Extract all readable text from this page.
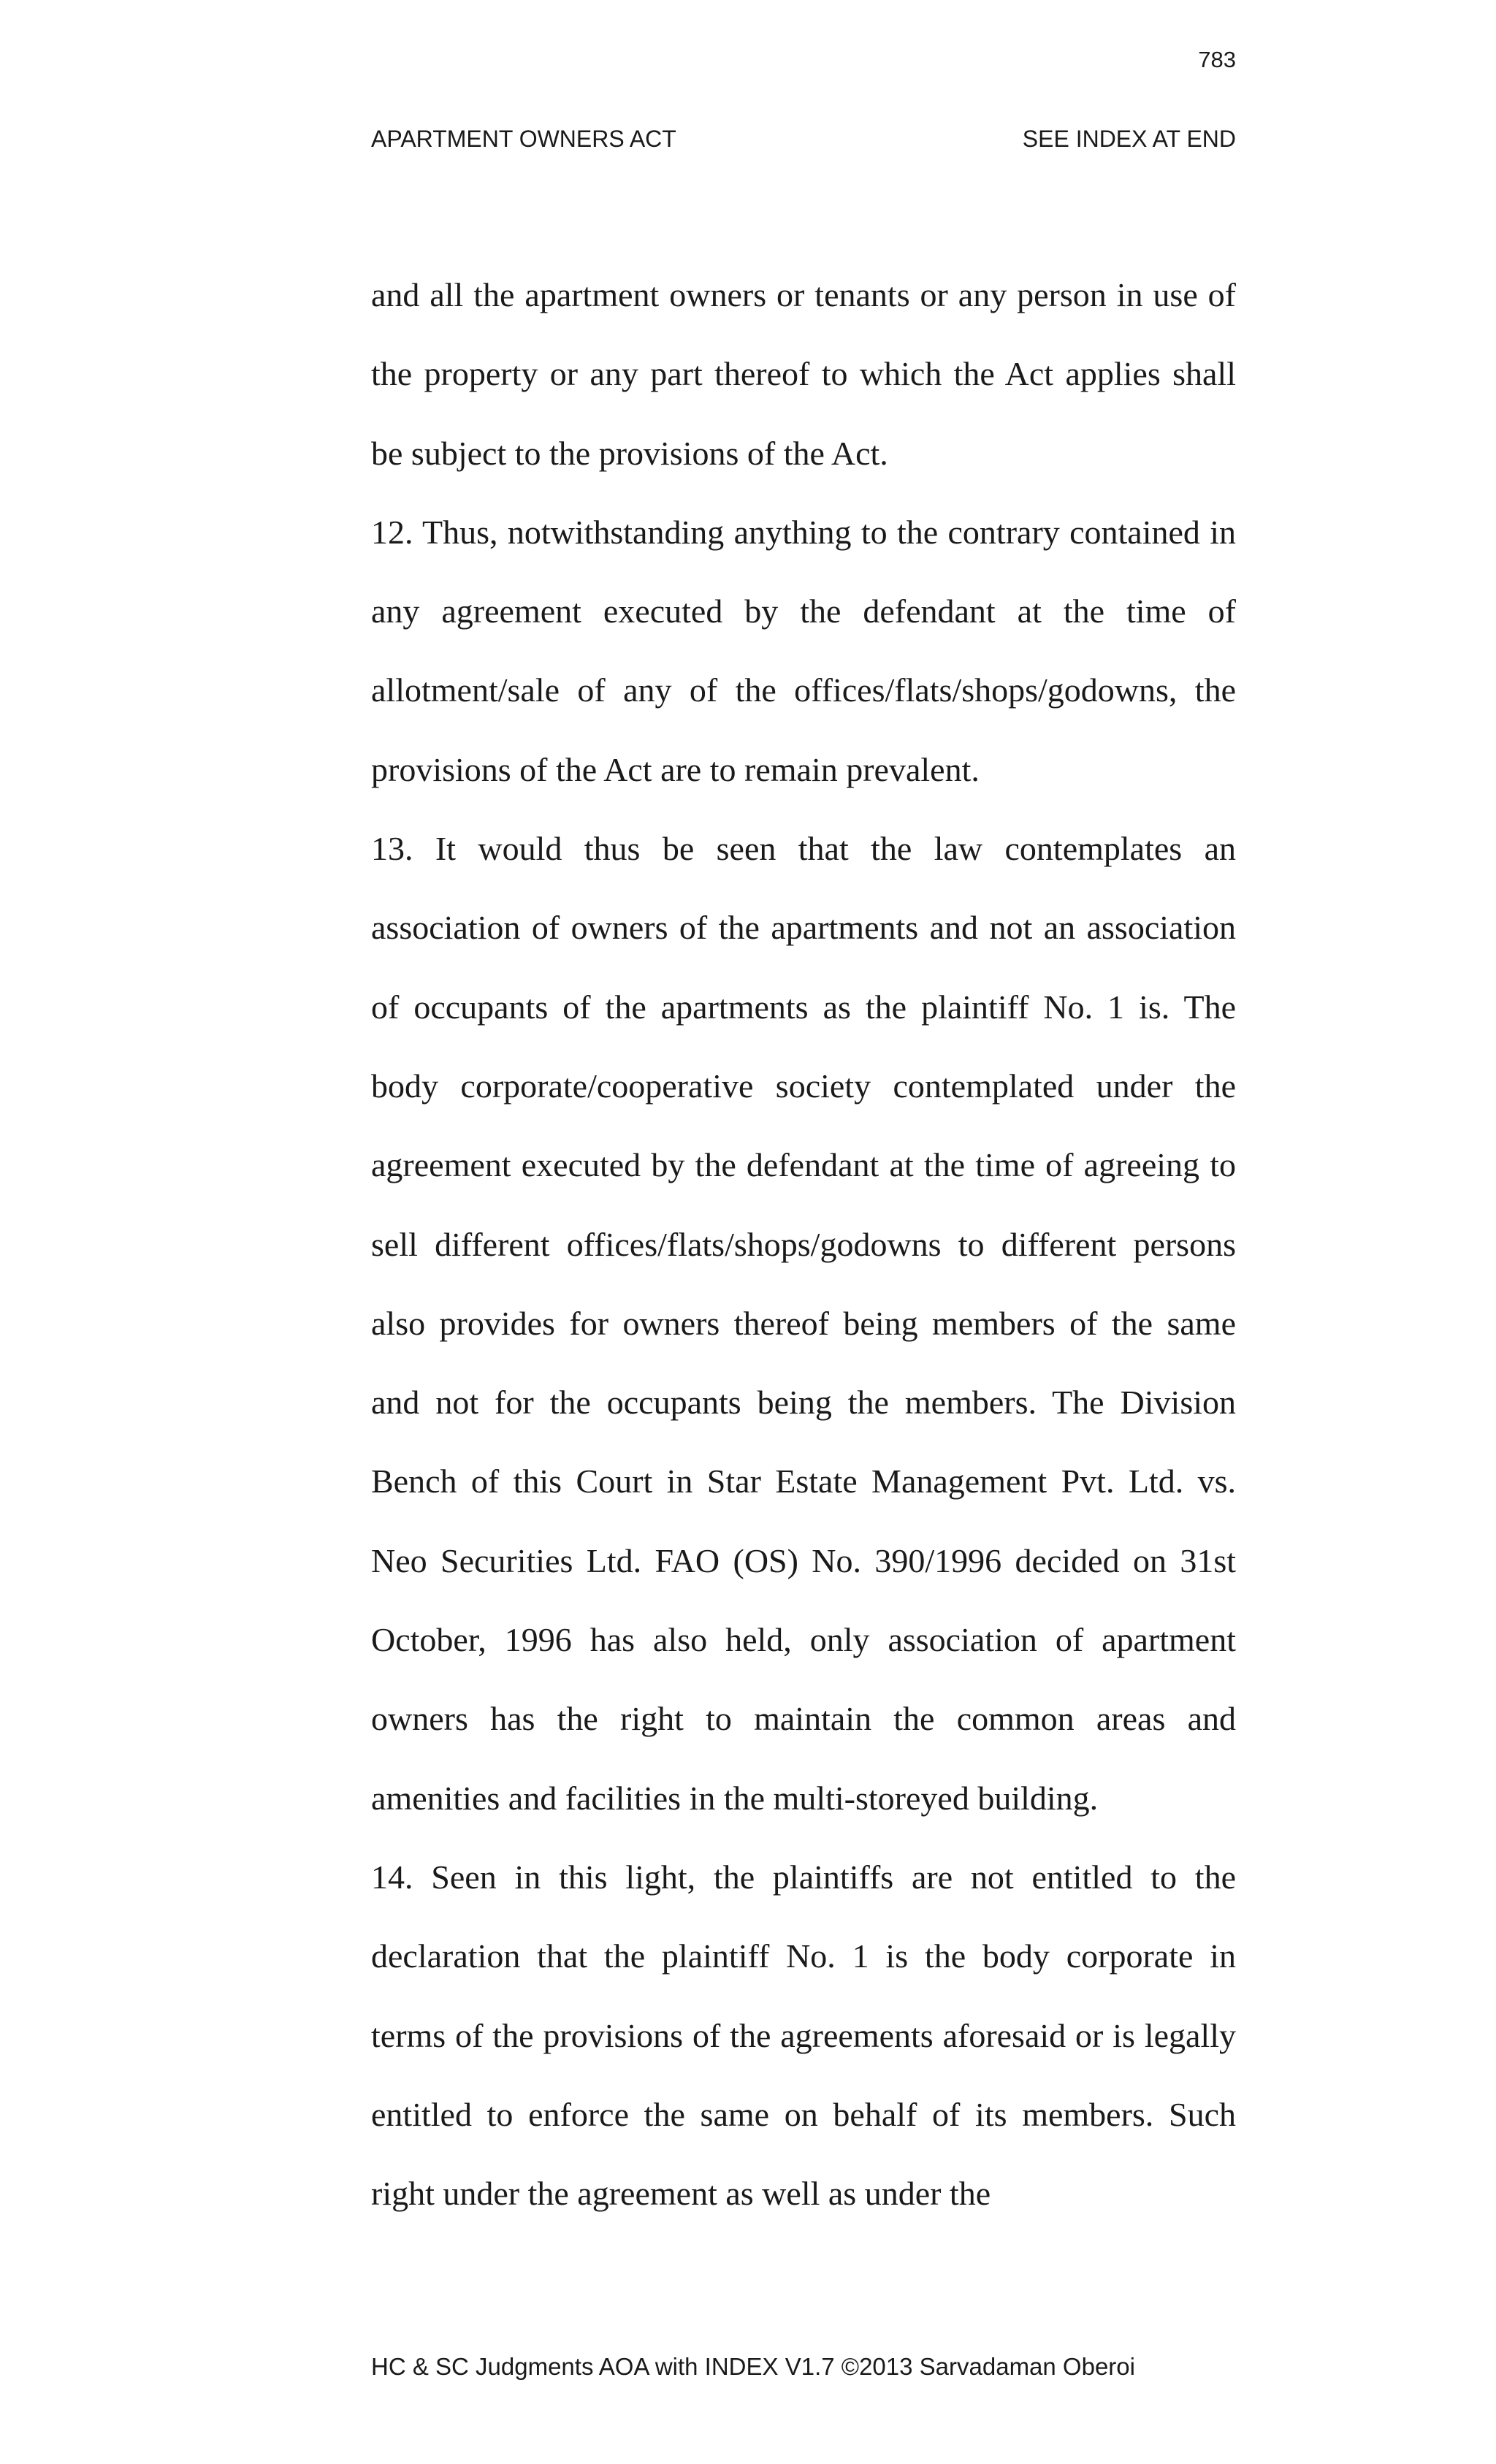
783
APARTMENT OWNERS ACT	SEE INDEX AT END

and all the apartment owners or tenants or any person in use of the property or any part thereof to which the Act applies shall be subject to the provisions of the Act.

12. Thus, notwithstanding anything to the contrary contained in any agreement executed by the defendant at the time of allotment/sale of any of the offices/flats/shops/godowns, the provisions of the Act are to remain prevalent.

13. It would thus be seen that the law contemplates an association of owners of the apartments and not an association of occupants of the apartments as the plaintiff No. 1 is. The body corporate/cooperative society contemplated under the agreement executed by the defendant at the time of agreeing to sell different offices/flats/shops/godowns to different persons also provides for owners thereof being members of the same and not for the occupants being the members. The Division Bench of this Court in Star Estate Management Pvt. Ltd. vs. Neo Securities Ltd. FAO (OS) No. 390/1996 decided on 31st October, 1996 has also held, only association of apartment owners has the right to maintain the common areas and amenities and facilities in the multi-storeyed building.

14. Seen in this light, the plaintiffs are not entitled to the declaration that the plaintiff No. 1 is the body corporate in terms of the provisions of the agreements aforesaid or is legally entitled to enforce the same on behalf of its members. Such right under the agreement as well as under the

HC & SC Judgments AOA with INDEX V1.7 ©2013 Sarvadaman Oberoi
